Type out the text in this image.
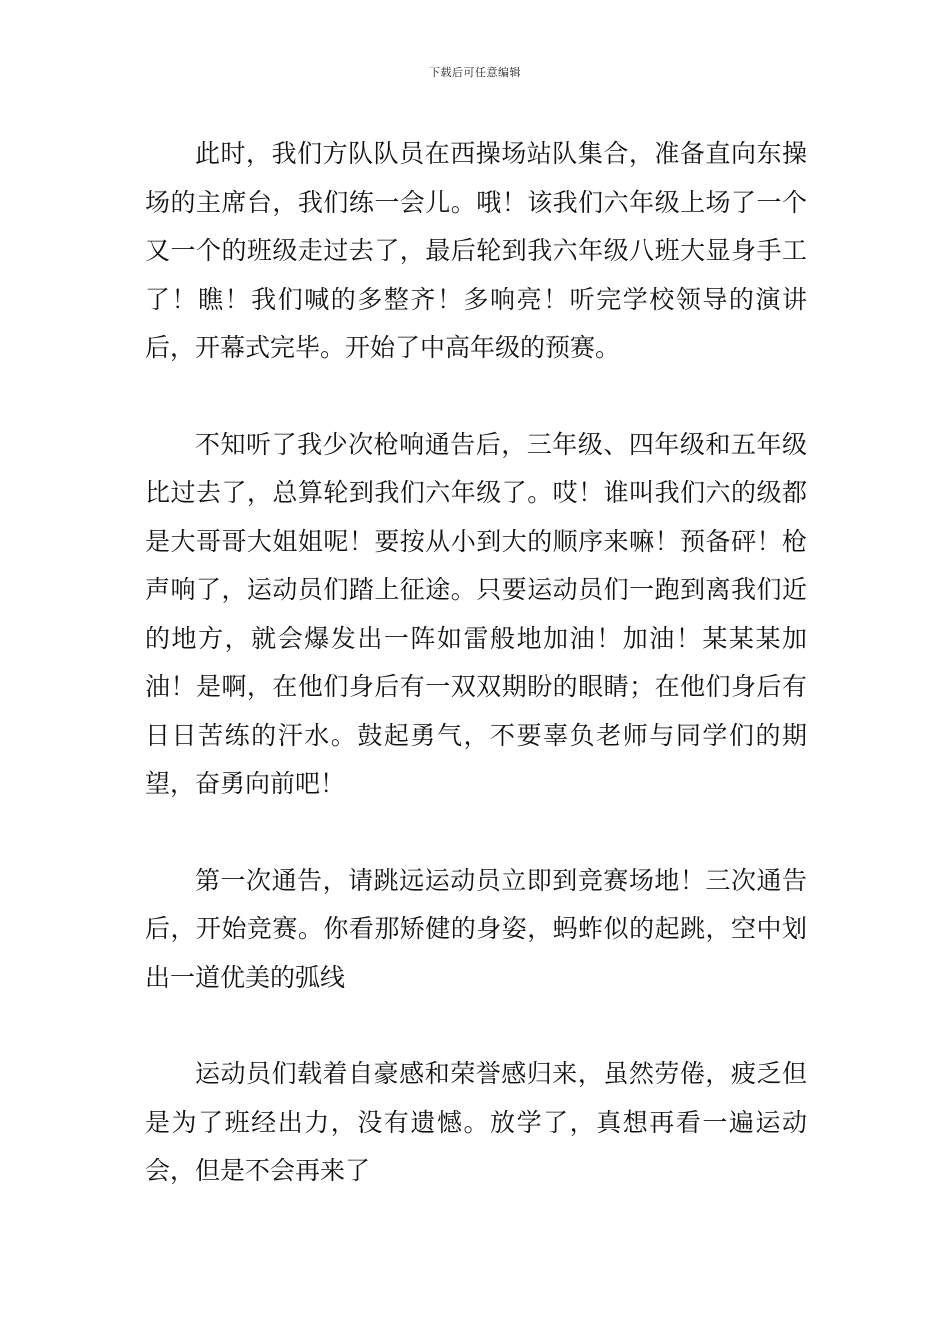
下载后可任意编辑

此时，我们方队队员在西操场站队集合，准备直向东操场的主席台，我们练一会儿。哦！该我们六年级上场了一个又一个的班级走过去了，最后轮到我六年级八班大显身手工了！瞧！我们喊的多整齐！多响亮！听完学校领导的演讲后，开幕式完毕。开始了中高年级的预赛。

不知听了我少次枪响通告后，三年级、四年级和五年级比过去了，总算轮到我们六年级了。哎！谁叫我们六的级都是大哥哥大姐姐呢！要按从小到大的顺序来嘛！预备砰！枪声响了，运动员们踏上征途。只要运动员们一跑到离我们近的地方，就会爆发出一阵如雷般地加油！加油！某某某加油！是啊，在他们身后有一双双期盼的眼睛；在他们身后有日日苦练的汗水。鼓起勇气，不要辜负老师与同学们的期望，奋勇向前吧！

第一次通告，请跳远运动员立即到竞赛场地！三次通告后，开始竞赛。你看那矫健的身姿，蚂蚱似的起跳，空中划出一道优美的弧线

运动员们载着自豪感和荣誉感归来，虽然劳倦，疲乏但是为了班经出力，没有遗憾。放学了，真想再看一遍运动会，但是不会再来了
